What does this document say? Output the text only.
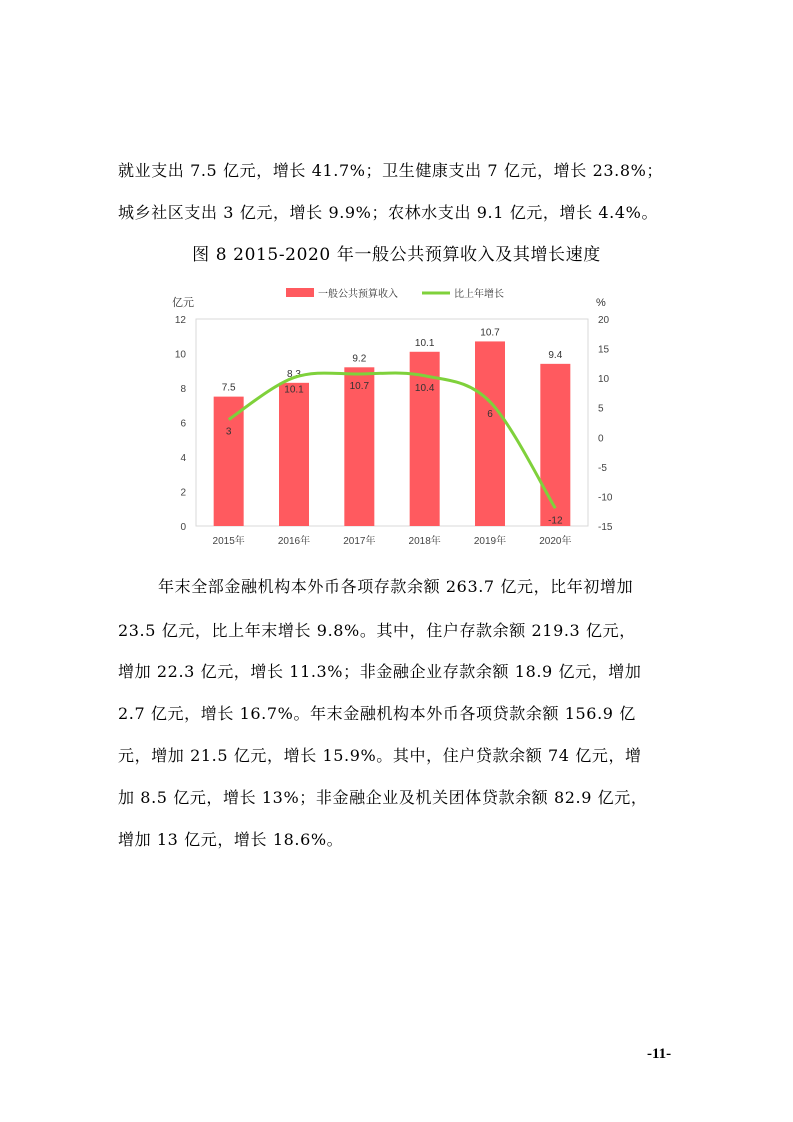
就业支出 7.5 亿元，增长 41.7%；卫生健康支出 7 亿元，增长 23.8%；
城乡社区支出 3 亿元，增长 9.9%；农林水支出 9.1 亿元，增长 4.4%。
图 8 2015-2020 年一般公共预算收入及其增长速度
亿元	%
0
2
4
6
8
10
12
-15
-10
-5
0
5
10
15
20
7.5
8.3
9.2
10.1
10.7
9.4
3
10.1	10.7	10.4
6
-12
2015年	2016年	2017年	2018年	2019年	2020年
一般公共预算收入	比上年增长
年末全部金融机构本外币各项存款余额 263.7 亿元，比年初增加
23.5 亿元，比上年末增长 9.8%。其中，住户存款余额 219.3 亿元，
增加 22.3 亿元，增长 11.3%；非金融企业存款余额 18.9 亿元，增加
2.7 亿元，增长 16.7%。年末金融机构本外币各项贷款余额 156.9 亿
元，增加 21.5 亿元，增长 15.9%。其中，住户贷款余额 74 亿元，增
加 8.5 亿元，增长 13%；非金融企业及机关团体贷款余额 82.9 亿元，
增加 13 亿元，增长 18.6%。
-11-
